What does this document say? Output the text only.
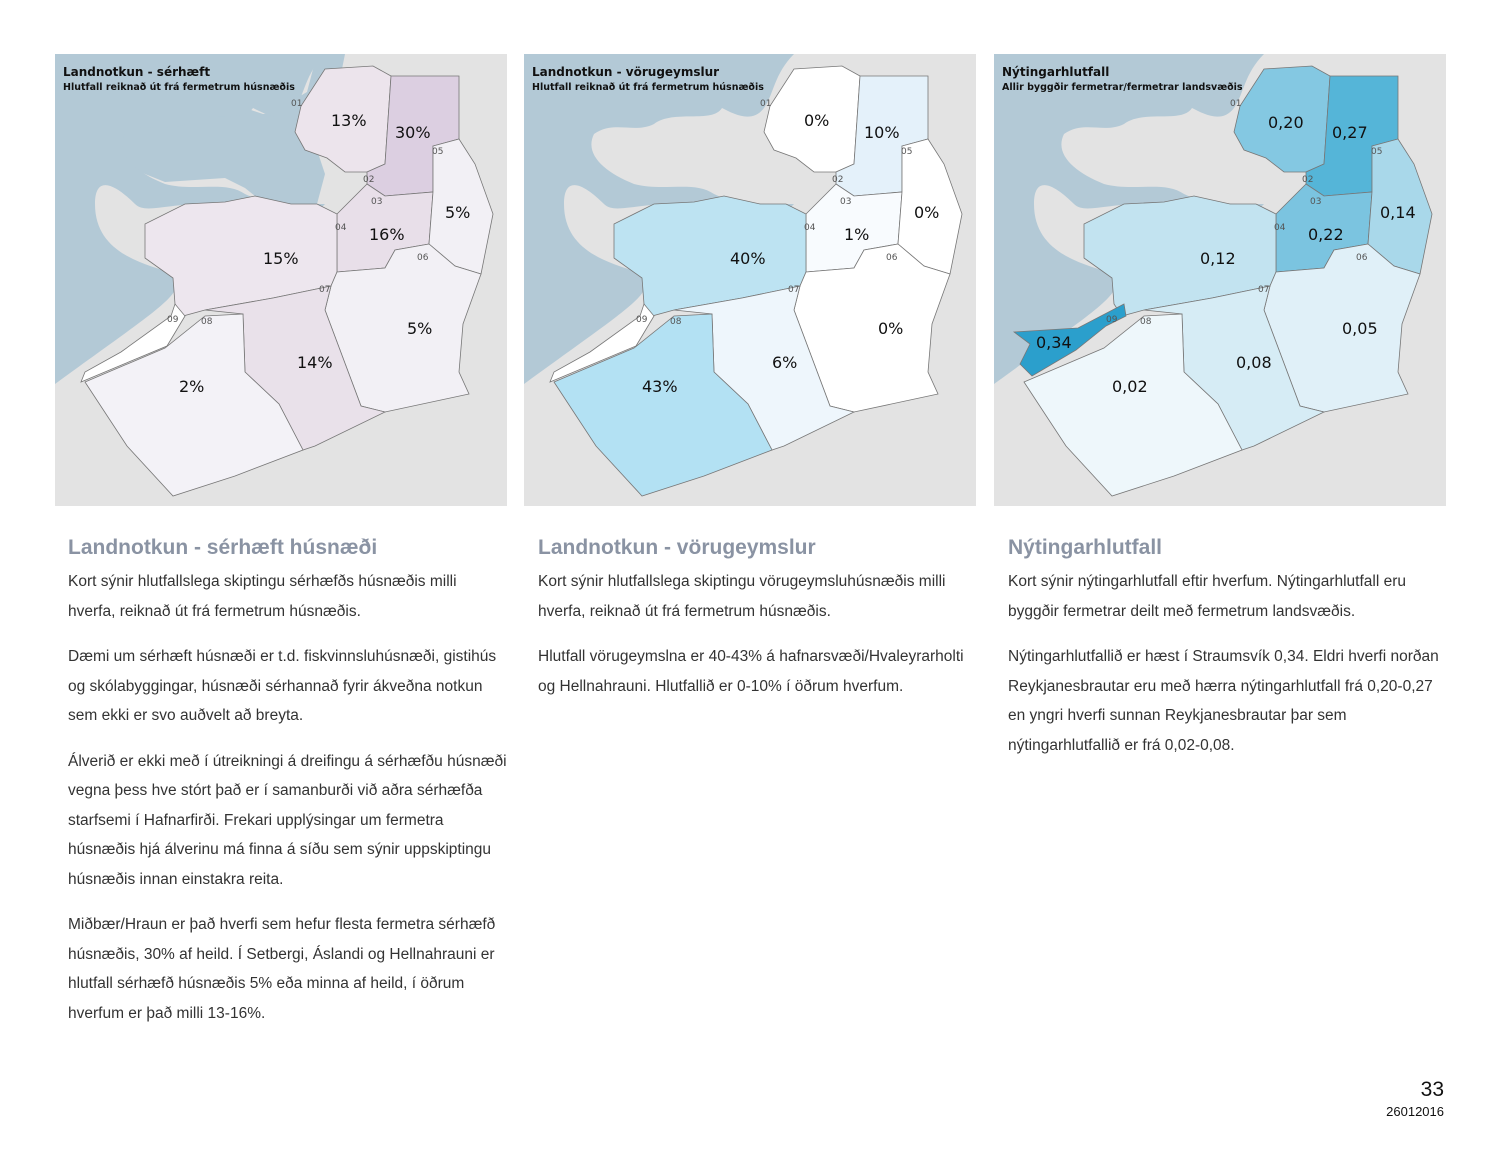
01
02
03
04
05
06
07
08
09
13%
30%
16%
5%
15%
5%
14%
2%
Landnotkun - sérhæft
Hlutfall reiknað út frá fermetrum húsnæðis
01
02
03
04
05
06
07
08
09
0%
10%
1%
0%
40%
0%
6%
43%
Landnotkun - vörugeymslur
Hlutfall reiknað út frá fermetrum húsnæðis
01
02
03
04
05
06
07
08
09
0,20
0,27
0,22
0,14
0,12
0,05
0,08
0,02
0,34
Nýtingarhlutfall
Allir byggðir fermetrar/fermetrar landsvæðis
Landnotkun - sérhæft húsnæði

Kort sýnir hlutfallslega skiptingu sérhæfðs húsnæðis milli hverfa, reiknað út frá fermetrum húsnæðis.

Dæmi um sérhæft húsnæði er t.d. fiskvinnsluhúsnæði, gistihús og skólabyggingar, húsnæði sérhannað fyrir ákveðna notkun sem ekki er svo auðvelt að breyta.

Álverið er ekki með í útreikningi á dreifingu á sérhæfðu húsnæði vegna þess hve stórt það er í samanburði við aðra sérhæfða starfsemi í Hafnarfirði. Frekari upplýsingar um fermetra húsnæðis hjá álverinu má finna á síðu sem sýnir uppskiptingu húsnæðis innan einstakra reita.

Miðbær/Hraun er það hverfi sem hefur flesta fermetra sérhæfð húsnæðis, 30% af heild. Í Setbergi, Áslandi og Hellnahrauni er hlutfall sérhæfð húsnæðis 5% eða minna af heild, í öðrum hverfum er það milli 13-16%.

Landnotkun - vörugeymslur

Kort sýnir hlutfallslega skiptingu vörugeymsluhúsnæðis milli hverfa, reiknað út frá fermetrum húsnæðis.

Hlutfall vörugeymslna er 40-43% á hafnarsvæði/Hvaleyrarholti og Hellnahrauni. Hlutfallið er 0-10% í öðrum hverfum.

Nýtingarhlutfall

Kort sýnir nýtingarhlutfall eftir hverfum. Nýtingarhlutfall eru byggðir fermetrar deilt með fermetrum landsvæðis.

Nýtingarhlutfallið er hæst í Straumsvík 0,34. Eldri hverfi norðan Reykjanesbrautar eru með hærra nýtingarhlutfall frá 0,20-0,27 en yngri hverfi sunnan Reykjanesbrautar þar sem nýtingarhlutfallið er frá 0,02-0,08.

33
26012016
